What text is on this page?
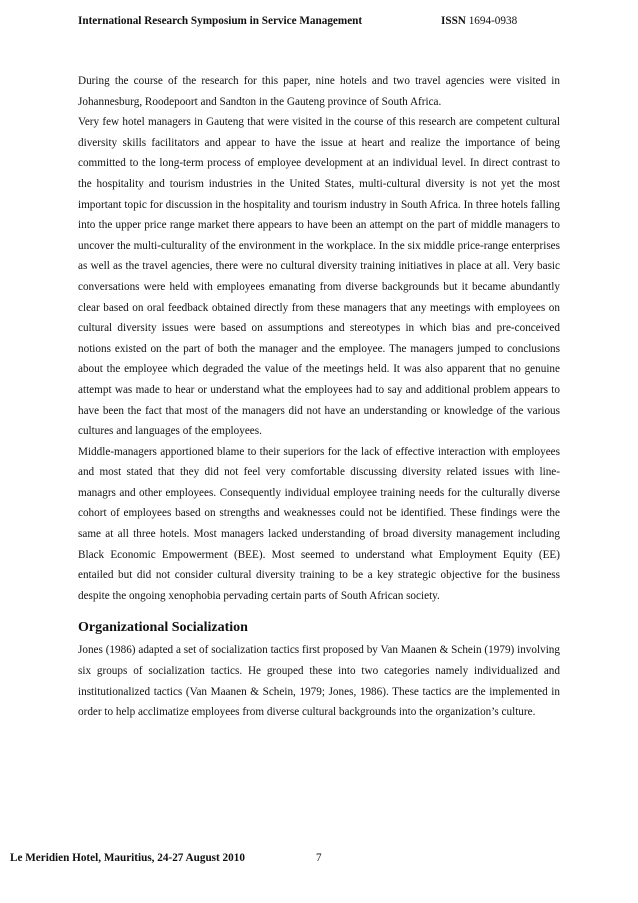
International Research Symposium in Service Management	ISSN 1694-0938

During the course of the research for this paper, nine hotels and two travel agencies were visited in Johannesburg, Roodepoort and Sandton in the Gauteng province of South Africa.

Very few hotel managers in Gauteng that were visited in the course of this research are competent cultural diversity skills facilitators and appear to have the issue at heart and realize the importance of being committed to the long-term process of employee development at an individual level. In direct contrast to the hospitality and tourism industries in the United States, multi-cultural diversity is not yet the most important topic for discussion in the hospitality and tourism industry in South Africa. In three hotels falling into the upper price range market there appears to have been an attempt on the part of middle managers to uncover the multi-culturality of the environment in the workplace. In the six middle price-range enterprises as well as the travel agencies, there were no cultural diversity training initiatives in place at all. Very basic conversations were held with employees emanating from diverse backgrounds but it became abundantly clear based on oral feedback obtained directly from these managers that any meetings with employees on cultural diversity issues were based on assumptions and stereotypes in which bias and pre-conceived notions existed on the part of both the manager and the employee. The managers jumped to conclusions about the employee which degraded the value of the meetings held. It was also apparent that no genuine attempt was made to hear or understand what the employees had to say and additional problem appears to have been the fact that most of the managers did not have an understanding or knowledge of the various cultures and languages of the employees.

Middle-managers apportioned blame to their superiors for the lack of effective interaction with employees and most stated that they did not feel very comfortable discussing diversity related issues with line-managrs and other employees. Consequently individual employee training needs for the culturally diverse cohort of employees based on strengths and weaknesses could not be identified. These findings were the same at all three hotels. Most managers lacked understanding of broad diversity management including Black Economic Empowerment (BEE). Most seemed to understand what Employment Equity (EE) entailed but did not consider cultural diversity training to be a key strategic objective for the business despite the ongoing xenophobia pervading certain parts of South African society.

Organizational Socialization

Jones (1986) adapted a set of socialization tactics first proposed by Van Maanen & Schein (1979) involving six groups of socialization tactics. He grouped these into two categories namely individualized and institutionalized tactics (Van Maanen & Schein, 1979; Jones, 1986). These tactics are the implemented in order to help acclimatize employees from diverse cultural backgrounds into the organization’s culture.

Le Meridien Hotel, Mauritius, 24-27 August 2010	7
